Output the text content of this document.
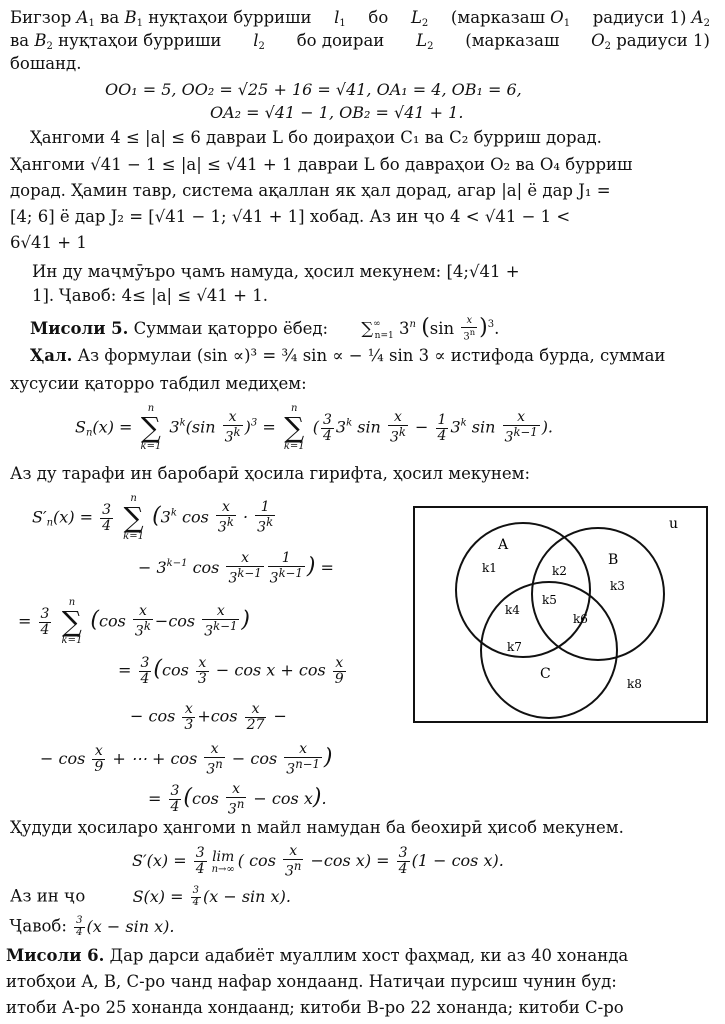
Бигзор $A_1$ ва $B_1$ нуқтаҳои бурриши $l_1$ бо $L_2$ (марказаш $O_1$ радиуси 1) $A_2$
ва $B_2$ нуқтаҳои бурриши $l_2$ бо доираи $L_2$ (марказаш $O_2$ радиуси 1)
бошанд.
OO₁ = 5, OO₂ = √25 + 16 = √41, OA₁ = 4, OB₁ = 6,
OA₂ = √41 − 1, OB₂ = √41 + 1.
Ҳангоми 4 ≤ |a| ≤ 6 давраи L бо доираҳои C₁ ва C₂ бурриш дорад.
Ҳангоми √41 − 1 ≤ |a| ≤ √41 + 1 давраи L бо давраҳои O₂ ва O₄ бурриш
дорад. Ҳамин тавр, система ақаллан як ҳал дорад, агар |a| ё дар J₁ =
[4; 6] ё дар J₂ = [√41 − 1; √41 + 1] хобад. Аз ин ҷо 4 < √41 − 1 <
6√41 + 1
Ин ду маҷмӯъро ҷамъ намуда, ҳосил мекунем: [4;√41 +
1]. Ҷавоб: 4≤ |a| ≤ √41 + 1.
Мисоли 5. Суммаи қаторро ёбед: $\sum^\infty_{n=1}$ 3$^n$ $(\sin \frac{x}{3^n} )^3$.
Ҳал. Аз формулаи (sin ∝)³ = ¾ sin ∝ − ¼ sin 3 ∝ истифода бурда, суммаи
хусусии қаторро табдил медиҳем:
$S_n(x)$ =
n
∑
k=1
$3^k(\sin \frac{x}{3^k} )^3$ =
n
∑
k=1
( $\frac{3}{4} 3^k$ $\sin \frac{x}{3^k} - \frac{1}{4} 3^k$ $\sin \frac{x}{3^{k-1}}$ ).
Аз ду тарафи ин баробарӣ ҳосила гирифта, ҳосил мекунем:
$S'_n(x) = \frac{3}{4}$

n
∑
k=1
(3$^k$ $\cos \frac{x}{3^k} \cdot \frac{1}{3^k}$
− $3^{k-1}$ $\cos \frac{x}{3^{k-1}} \frac{1}{3^{k-1}}$ ) =
= $\frac{3}{4}$

n
∑
k=1
($\cos \frac{x}{3^k} -\cos \frac{x}{3^{k-1}}$ )
= $\frac{3}{4} (\cos \frac{x}{3} - \cos x + \cos \frac{x}{9}$
− $\cos \frac{x}{3} +\cos \frac{x}{27}$ −
− $\cos \frac{x}{9}$ + ⋯ + $\cos \frac{x}{3^n} - \cos \frac{x}{3^{n-1}}$ )
= $\frac{3}{4} (\cos \frac{x}{3^n} - \cos x)$.
u
A
B
C
k1	k2
k3
k4
k5
k6
k7
k8
Ҳудуди ҳосиларо ҳангоми n майл намудан ба беохирӣ ҳисоб мекунем.
$S'(x) = \frac{3}{4}$ lim
n→∞ ( $\cos \frac{x}{3^n} -\cos$ $x) = \frac{3}{4} (1 - \cos x)$.
Аз ин ҷо	$S(x) = \frac{3}{4} (x - \sin x)$.
Ҷавоб: $\frac{3}{4} (x - \sin x)$.
Мисоли 6. Дар дарси адабиёт муаллим хост фаҳмад, ки аз 40 хонанда
итобҳои A, B, C-ро чанд нафар хондаанд. Натиҷаи пурсиш чунин буд:
итоби A-ро 25 хонанда хондаанд; китоби B-ро 22 хонанда; китоби C-ро
